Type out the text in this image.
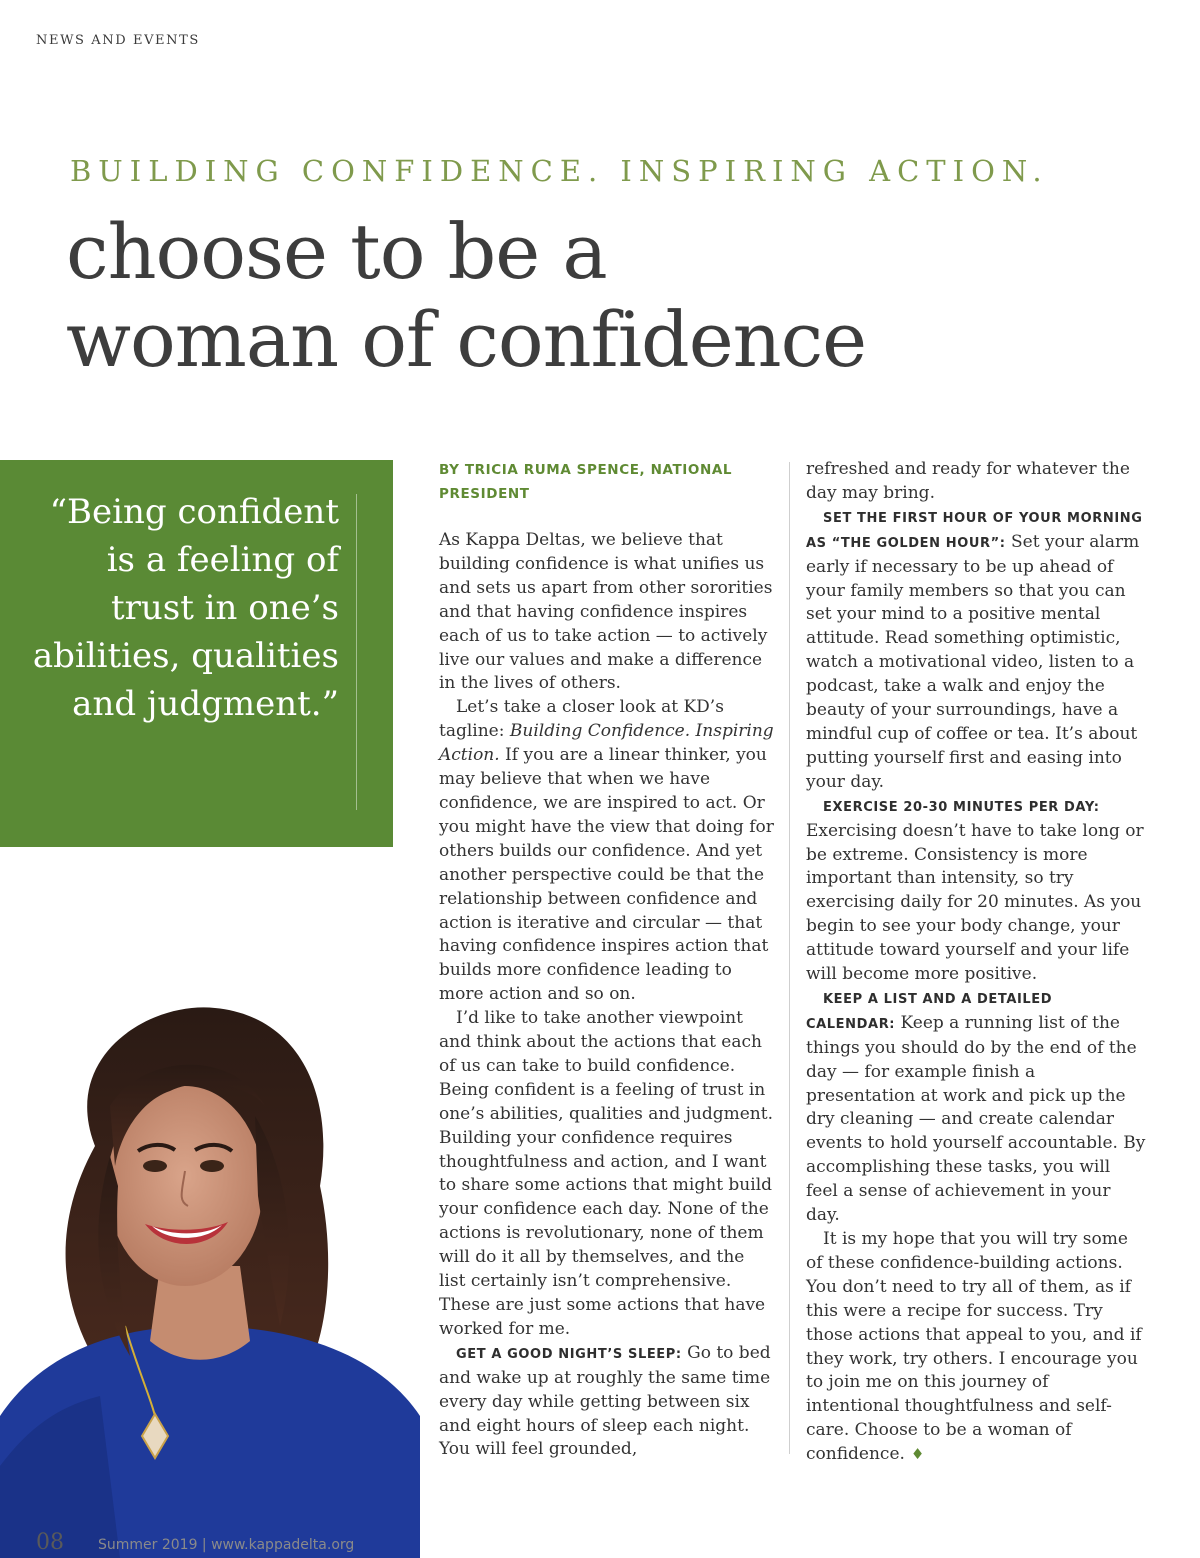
NEWS AND EVENTS
BUILDING CONFIDENCE. INSPIRING ACTION.
choose to be a
woman of confidence
“Being confident is a feeling of trust in one’s abilities, qualities and judgment.”

BY TRICIA RUMA SPENCE, NATIONAL PRESIDENT

As Kappa Deltas, we believe that building confidence is what unifies us and sets us apart from other sororities and that having confidence inspires each of us to take action — to actively live our values and make a difference in the lives of others.

Let’s take a closer look at KD’s tagline: Building Confidence. Inspiring Action. If you are a linear thinker, you may believe that when we have confidence, we are inspired to act. Or you might have the view that doing for others builds our confidence. And yet another perspective could be that the relationship between confidence and action is iterative and circular — that having confidence inspires action that builds more confidence leading to more action and so on.

I’d like to take another viewpoint and think about the actions that each of us can take to build confidence. Being confident is a feeling of trust in one’s abilities, qualities and judgment. Building your confidence requires thoughtfulness and action, and I want to share some actions that might build your confidence each day. None of the actions is revolutionary, none of them will do it all by themselves, and the list certainly isn’t comprehensive. These are just some actions that have worked for me.

GET A GOOD NIGHT’S SLEEP: Go to bed and wake up at roughly the same time every day while getting between six and eight hours of sleep each night. You will feel grounded,

refreshed and ready for whatever the day may bring.

SET THE FIRST HOUR OF YOUR MORNING AS “THE GOLDEN HOUR”: Set your alarm early if necessary to be up ahead of your family members so that you can set your mind to a positive mental attitude. Read something optimistic, watch a motivational video, listen to a podcast, take a walk and enjoy the beauty of your surroundings, have a mindful cup of coffee or tea. It’s about putting yourself first and easing into your day.

EXERCISE 20-30 MINUTES PER DAY: Exercising doesn’t have to take long or be extreme. Consistency is more important than intensity, so try exercising daily for 20 minutes. As you begin to see your body change, your attitude toward yourself and your life will become more positive.

KEEP A LIST AND A DETAILED CALENDAR: Keep a running list of the things you should do by the end of the day — for example finish a presentation at work and pick up the dry cleaning — and create calendar events to hold yourself accountable. By accomplishing these tasks, you will feel a sense of achievement in your day.

It is my hope that you will try some of these confidence-building actions. You don’t need to try all of them, as if this were a recipe for success. Try those actions that appeal to you, and if they work, try others. I encourage you to join me on this journey of intentional thoughtfulness and self-care. Choose to be a woman of confidence. ♦

08 Summer 2019 | www.kappadelta.org
